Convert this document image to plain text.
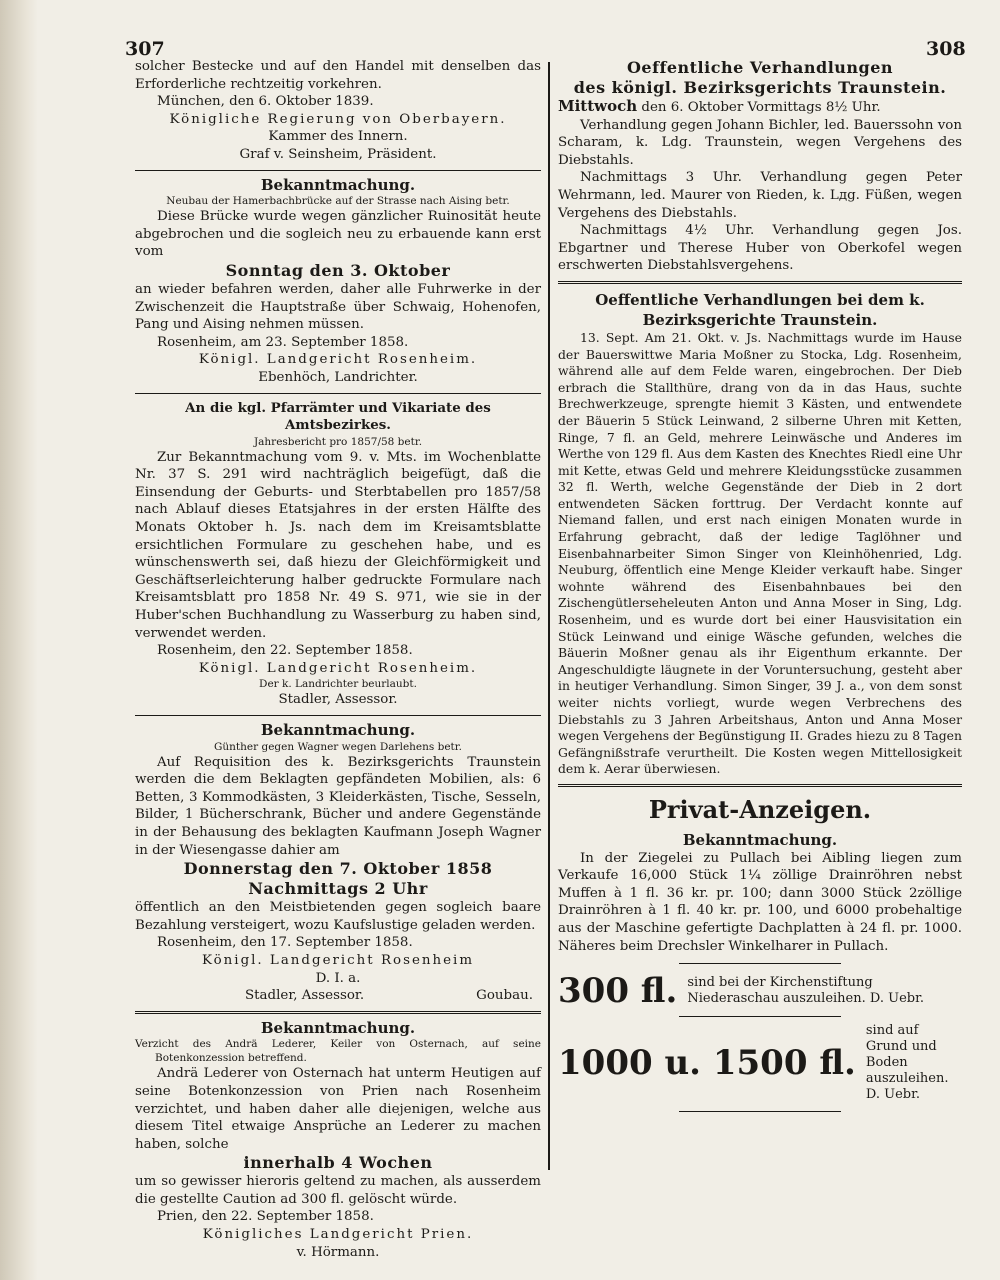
307	308

solcher Bestecke und auf den Handel mit denselben das Erforderliche rechtzeitig vorkehren.

München, den 6. Oktober 1839.

Königliche Regierung von Oberbayern.

Kammer des Innern.

Graf v. Seinsheim, Präsident.

Bekanntmachung.

Neubau der Hamerbachbrücke auf der Strasse nach Aising betr.

Diese Brücke wurde wegen gänzlicher Ruinosität heute abgebrochen und die sogleich neu zu erbauende kann erst vom

Sonntag den 3. Oktober

an wieder befahren werden, daher alle Fuhrwerke in der Zwischenzeit die Hauptstraße über Schwaig, Hohenofen, Pang und Aising nehmen müssen.

Rosenheim, am 23. September 1858.

Königl. Landgericht Rosenheim.

Ebenhöch, Landrichter.

An die kgl. Pfarrämter und Vikariate des Amtsbezirkes.

Jahresbericht pro 1857/58 betr.

Zur Bekanntmachung vom 9. v. Mts. im Wochenblatte Nr. 37 S. 291 wird nachträglich beigefügt, daß die Einsendung der Geburts- und Sterbtabellen pro 1857/58 nach Ablauf dieses Etatsjahres in der ersten Hälfte des Monats Oktober h. Js. nach dem im Kreisamtsblatte ersichtlichen Formulare zu geschehen habe, und es wünschenswerth sei, daß hiezu der Gleichförmigkeit und Geschäftserleichterung halber gedruckte Formulare nach Kreisamtsblatt pro 1858 Nr. 49 S. 971, wie sie in der Huber'schen Buchhandlung zu Wasserburg zu haben sind, verwendet werden.

Rosenheim, den 22. September 1858.

Königl. Landgericht Rosenheim.

Der k. Landrichter beurlaubt.

Stadler, Assessor.

Bekanntmachung.

Günther gegen Wagner wegen Darlehens betr.

Auf Requisition des k. Bezirksgerichts Traunstein werden die dem Beklagten gepfändeten Mobilien, als: 6 Betten, 3 Kommodkästen, 3 Kleiderkästen, Tische, Sesseln, Bilder, 1 Bücherschrank, Bücher und andere Gegenstände in der Behausung des beklagten Kaufmann Joseph Wagner in der Wiesengasse dahier am

Donnerstag den 7. Oktober 1858

Nachmittags 2 Uhr

öffentlich an den Meistbietenden gegen sogleich baare Bezahlung versteigert, wozu Kaufslustige geladen werden.

Rosenheim, den 17. September 1858.

Königl. Landgericht Rosenheim

D. I. a.

Stadler, Assessor.	Goubau.

Bekanntmachung.

Verzicht des Andrä Lederer, Keiler von Osternach, auf seine Botenkonzession betreffend.

Andrä Lederer von Osternach hat unterm Heutigen auf seine Botenkonzession von Prien nach Rosenheim verzichtet, und haben daher alle diejenigen, welche aus diesem Titel etwaige Ansprüche an Lederer zu machen haben, solche

innerhalb 4 Wochen

um so gewisser hieroris geltend zu machen, als ausserdem die gestellte Caution ad 300 fl. gelöscht würde.

Prien, den 22. September 1858.

Königliches Landgericht Prien.

v. Hörmann.

Oeffentliche Verhandlungen

des königl. Bezirksgerichts Traunstein.

Mittwoch den 6. Oktober Vormittags 8½ Uhr.

Verhandlung gegen Johann Bichler, led. Bauerssohn von Scharam, k. Ldg. Traunstein, wegen Vergehens des Diebstahls.

Nachmittags 3 Uhr. Verhandlung gegen Peter Wehrmann, led. Maurer von Rieden, k. Lдg. Füßen, wegen Vergehens des Diebstahls.

Nachmittags 4½ Uhr. Verhandlung gegen Jos. Ebgartner und Therese Huber von Oberkofel wegen erschwerten Diebstahlsvergehens.

Oeffentliche Verhandlungen bei dem k. Bezirksgerichte Traunstein.

13. Sept. Am 21. Okt. v. Js. Nachmittags wurde im Hause der Bauerswittwe Maria Moßner zu Stocka, Ldg. Rosenheim, während alle auf dem Felde waren, eingebrochen. Der Dieb erbrach die Stallthüre, drang von da in das Haus, suchte Brechwerkzeuge, sprengte hiemit 3 Kästen, und entwendete der Bäuerin 5 Stück Leinwand, 2 silberne Uhren mit Ketten, Ringe, 7 fl. an Geld, mehrere Leinwäsche und Anderes im Werthe von 129 fl. Aus dem Kasten des Knechtes Riedl eine Uhr mit Kette, etwas Geld und mehrere Kleidungsstücke zusammen 32 fl. Werth, welche Gegenstände der Dieb in 2 dort entwendeten Säcken forttrug. Der Verdacht konnte auf Niemand fallen, und erst nach einigen Monaten wurde in Erfahrung gebracht, daß der ledige Taglöhner und Eisenbahnarbeiter Simon Singer von Kleinhöhenried, Ldg. Neuburg, öffentlich eine Menge Kleider verkauft habe. Singer wohnte während des Eisenbahnbaues bei den Zischengütlerseheleuten Anton und Anna Moser in Sing, Ldg. Rosenheim, und es wurde dort bei einer Hausvisitation ein Stück Leinwand und einige Wäsche gefunden, welches die Bäuerin Moßner genau als ihr Eigenthum erkannte. Der Angeschuldigte läugnete in der Voruntersuchung, gesteht aber in heutiger Verhandlung. Simon Singer, 39 J. a., von dem sonst weiter nichts vorliegt, wurde wegen Verbrechens des Diebstahls zu 3 Jahren Arbeitshaus, Anton und Anna Moser wegen Vergehens der Begünstigung II. Grades hiezu zu 8 Tagen Gefängnißstrafe verurtheilt. Die Kosten wegen Mittellosigkeit dem k. Aerar überwiesen.

Privat-Anzeigen.

Bekanntmachung.

In der Ziegelei zu Pullach bei Aibling liegen zum Verkaufe 16,000 Stück 1¼ zöllige Drainröhren nebst Muffen à 1 fl. 36 kr. pr. 100; dann 3000 Stück 2zöllige Drainröhren à 1 fl. 40 kr. pr. 100, und 6000 probehaltige aus der Maschine gefertigte Dachplatten à 24 fl. pr. 1000. Näheres beim Drechsler Winkelharer in Pullach.

300 fl. sind bei der Kirchenstiftung Niederaschau auszuleihen. D. Uebr.
1000 u. 1500 fl.
sind auf Grund und Boden auszuleihen. D. Uebr.
